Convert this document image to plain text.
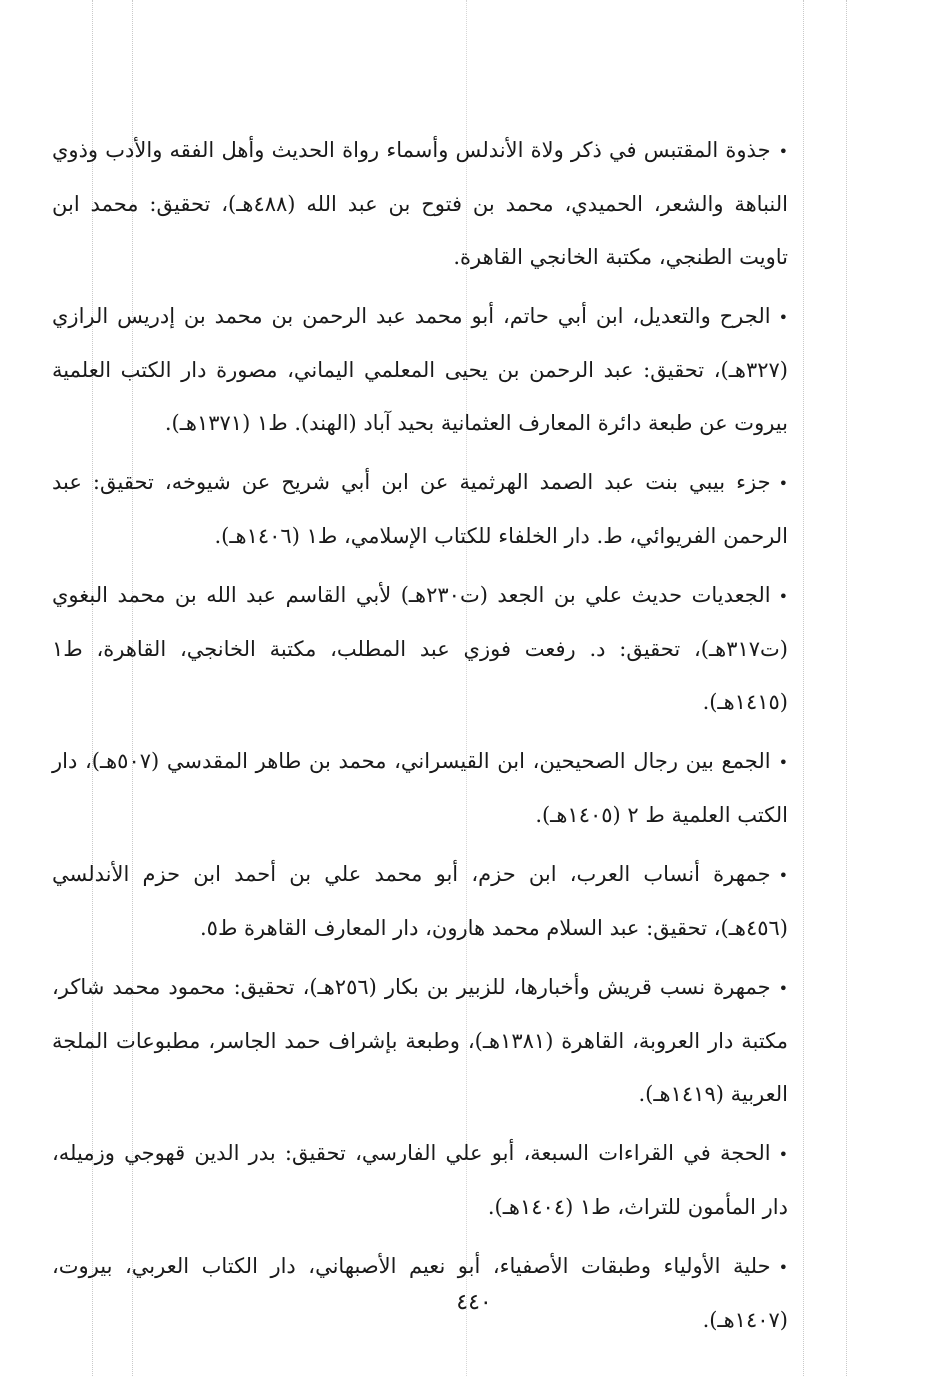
•جذوة المقتبس في ذكر ولاة الأندلس وأسماء رواة الحديث وأهل الفقه والأدب وذوي النباهة والشعر، الحميدي، محمد بن فتوح بن عبد الله (٤٨٨هـ)، تحقيق: محمد ابن تاويت الطنجي، مكتبة الخانجي القاهرة.

•الجرح والتعديل، ابن أبي حاتم، أبو محمد عبد الرحمن بن محمد بن إدريس الرازي (٣٢٧هـ)، تحقيق: عبد الرحمن بن يحيى المعلمي اليماني، مصورة دار الكتب العلمية بيروت عن طبعة دائرة المعارف العثمانية بحيد آباد (الهند). ط١ (١٣٧١هـ).

•جزء بيبي بنت عبد الصمد الهرثمية عن ابن أبي شريح عن شيوخه، تحقيق: عبد الرحمن الفريوائي، ط. دار الخلفاء للكتاب الإسلامي، ط١ (١٤٠٦هـ).

•الجعديات حديث علي بن الجعد (ت٢٣٠هـ) لأبي القاسم عبد الله بن محمد البغوي (ت٣١٧هـ)، تحقيق: د. رفعت فوزي عبد المطلب، مكتبة الخانجي، القاهرة، ط١ (١٤١٥هـ).

•الجمع بين رجال الصحيحين، ابن القيسراني، محمد بن طاهر المقدسي (٥٠٧هـ)، دار الكتب العلمية ط ٢ (١٤٠٥هـ).

•جمهرة أنساب العرب، ابن حزم، أبو محمد علي بن أحمد ابن حزم الأندلسي (٤٥٦هـ)، تحقيق: عبد السلام محمد هارون، دار المعارف القاهرة ط٥.

•جمهرة نسب قريش وأخبارها، للزبير بن بكار (٢٥٦هـ)، تحقيق: محمود محمد شاكر، مكتبة دار العروبة، القاهرة (١٣٨١هـ)، وطبعة بإشراف حمد الجاسر، مطبوعات الملجة العربية (١٤١٩هـ).

•الحجة في القراءات السبعة، أبو علي الفارسي، تحقيق: بدر الدين قهوجي وزميله، دار المأمون للتراث، ط١ (١٤٠٤هـ).

•حلية الأولياء وطبقات الأصفياء، أبو نعيم الأصبهاني، دار الكتاب العربي، بيروت، (١٤٠٧هـ).

٤٤٠
